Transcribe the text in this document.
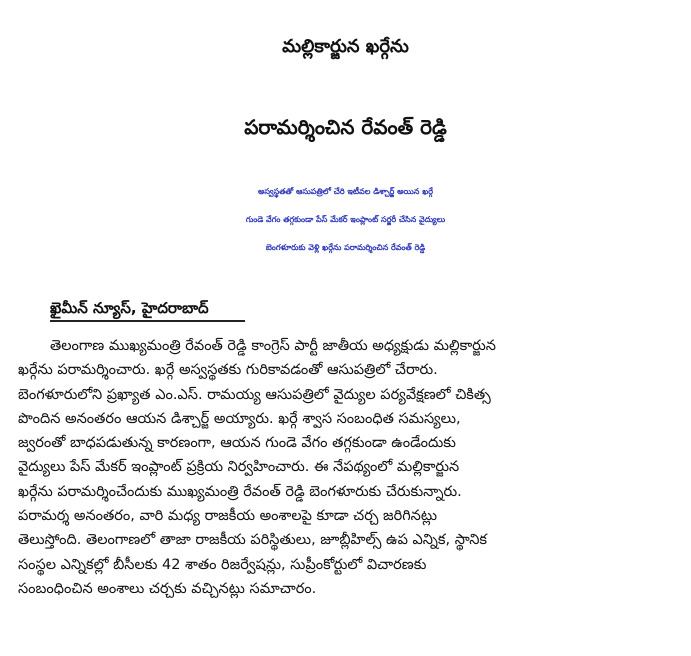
మల్లికార్జున ఖర్గేను
పరామర్శించిన రేవంత్ రెడ్డి
అస్వస్థతతో ఆసుపత్రిలో చేరి ఇటీవల డిశ్చార్జ్ అయిన ఖర్గే
గుండె వేగం తగ్గకుండా పేస్ మేకర్ ఇంప్లాంట్ సర్జరీ చేసిన వైద్యులు
బెంగళూరుకు వెళ్లి ఖర్గేను పరామర్శించిన రేవంత్ రెడ్డి
ఖైమీన్ న్యూస్, హైదరాబాద్
తెలంగాణ ముఖ్యమంత్రి రేవంత్ రెడ్డి కాంగ్రెస్ పార్టీ జాతీయ అధ్యక్షుడు మల్లికార్జున
ఖర్గేను పరామర్శించారు. ఖర్గే అస్వస్థతకు గురికావడంతో ఆసుపత్రిలో చేరారు.
బెంగళూరులోని ప్రఖ్యాత ఎం.ఎస్. రామయ్య ఆసుపత్రిలో వైద్యుల పర్యవేక్షణలో చికిత్స
పొందిన అనంతరం ఆయన డిశ్చార్జ్ అయ్యారు. ఖర్గే శ్వాస సంబంధిత సమస్యలు,
జ్వరంతో బాధపడుతున్న కారణంగా, ఆయన గుండె వేగం తగ్గకుండా ఉండేందుకు
వైద్యులు పేస్ మేకర్ ఇంప్లాంట్ ప్రక్రియ నిర్వహించారు. ఈ నేపథ్యంలో మల్లికార్జున
ఖర్గేను పరామర్శించేందుకు ముఖ్యమంత్రి రేవంత్ రెడ్డి బెంగళూరుకు చేరుకున్నారు.
పరామర్శ అనంతరం, వారి మధ్య రాజకీయ అంశాలపై కూడా చర్చ జరిగినట్లు
తెలుస్తోంది. తెలంగాణలో తాజా రాజకీయ పరిస్థితులు, జూబ్లీహిల్స్ ఉప ఎన్నిక, స్థానిక
సంస్థల ఎన్నికల్లో బీసీలకు 42 శాతం రిజర్వేషన్లు, సుప్రీంకోర్టులో విచారణకు
సంబంధించిన అంశాలు చర్చకు వచ్చినట్లు సమాచారం.
